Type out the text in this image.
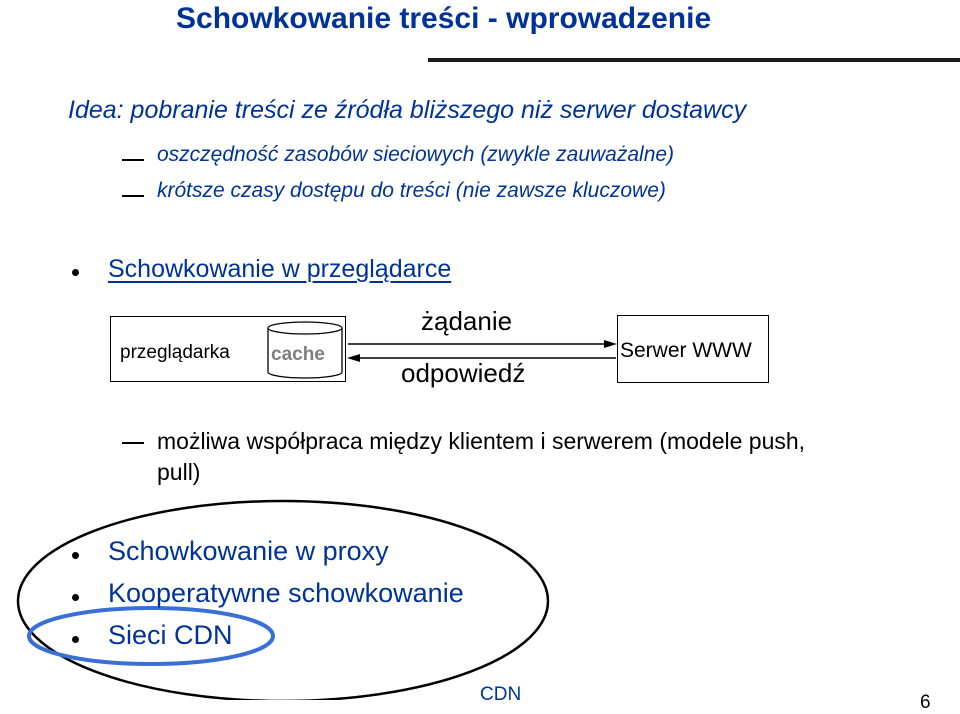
Schowkowanie treści - wprowadzenie
Idea: pobranie treści ze źródła bliższego niż serwer dostawcy
oszczędność zasobów sieciowych (zwykle zauważalne)
krótsze czasy dostępu do treści (nie zawsze kluczowe)
Schowkowanie w przeglądarce
przeglądarka cache
żądanie
odpowiedź
Serwer WWW
możliwa współpraca między klientem i serwerem (modele push,
pull)
Schowkowanie w proxy
Kooperatywne schowkowanie
Sieci CDN
CDN	6
